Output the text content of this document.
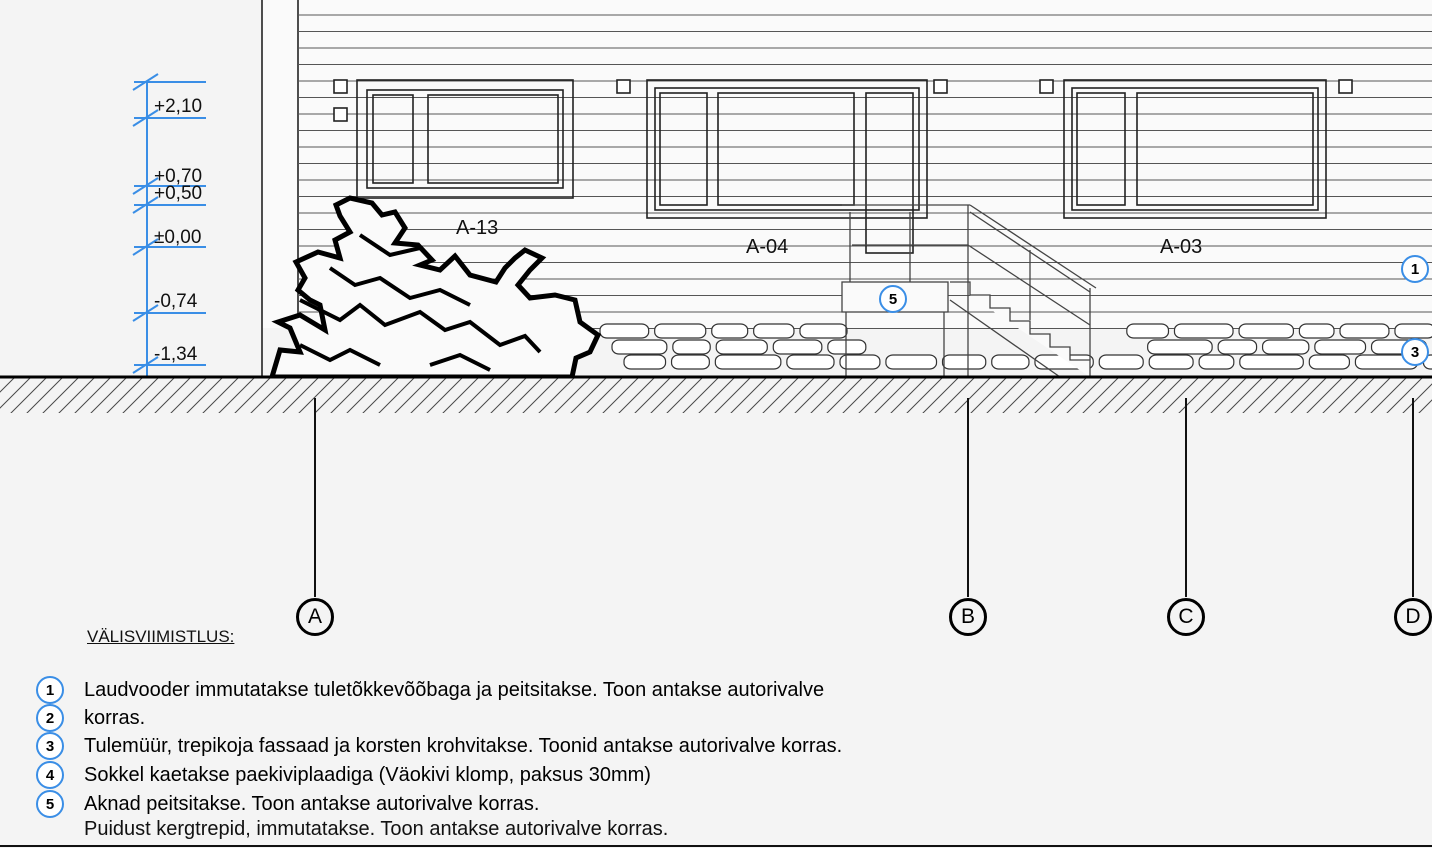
+2,10
+0,70
+0,50
±0,00
-0,74
-1,34
A-13
A-04	A-03
5
1
3
A	B	C	D
VÄLISVIIMISTLUS:
1	Laudvooder immutatakse tuletõkkevõõbaga ja peitsitakse. Toon antakse autorivalve
2	korras.
3	Tulemüür, trepikoja fassaad ja korsten krohvitakse. Toonid antakse autorivalve korras.
4	Sokkel kaetakse paekiviplaadiga (Väokivi klomp, paksus 30mm)
5	Aknad peitsitakse. Toon antakse autorivalve korras.
Puidust kergtrepid, immutatakse. Toon antakse autorivalve korras.
